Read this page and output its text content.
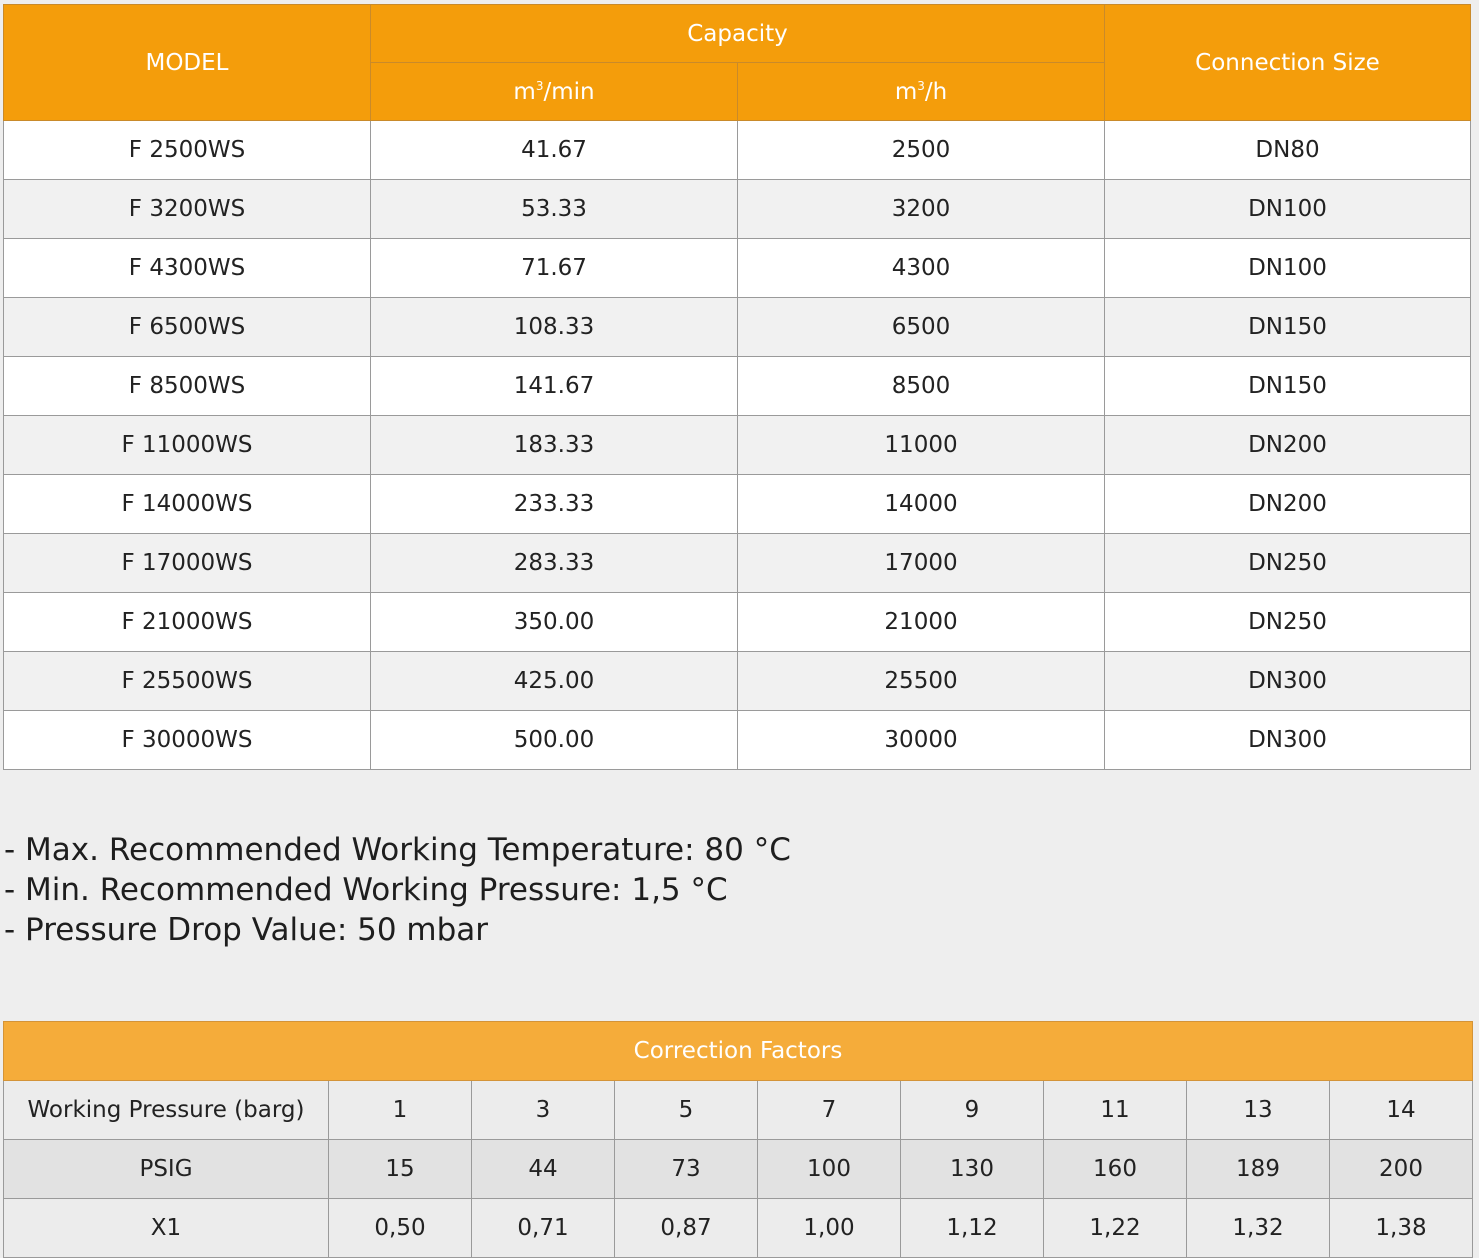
MODEL	Capacity		Connection Size
	$m^3/\min$	$m^3/h$	
F 2500WS	41.67	2500	DN80
F 3200WS	53.33	3200	DN100
F 4300WS	71.67	4300	DN100
F 6500WS	108.33	6500	DN150
F 8500WS	141.67	8500	DN150
F 11000WS	183.33	11000	DN200
F 14000WS	233.33	14000	DN200
F 17000WS	283.33	17000	DN250
F 21000WS	350.00	21000	DN250
F 25500WS	425.00	25500	DN300
F 30000WS	500.00	30000	DN300
- Max. Recommended Working Temperature: 80 °C
- Min. Recommended Working Pressure: 1,5 °C
- Pressure Drop Value: 50 mbar
Correction Factors								
Working Pressure (barg)	1	3	5	7	9	11	13	14
PSIG	15	44	73	100	130	160	189	200
X1	0,50	0,71	0,87	1,00	1,12	1,22	1,32	1,38
